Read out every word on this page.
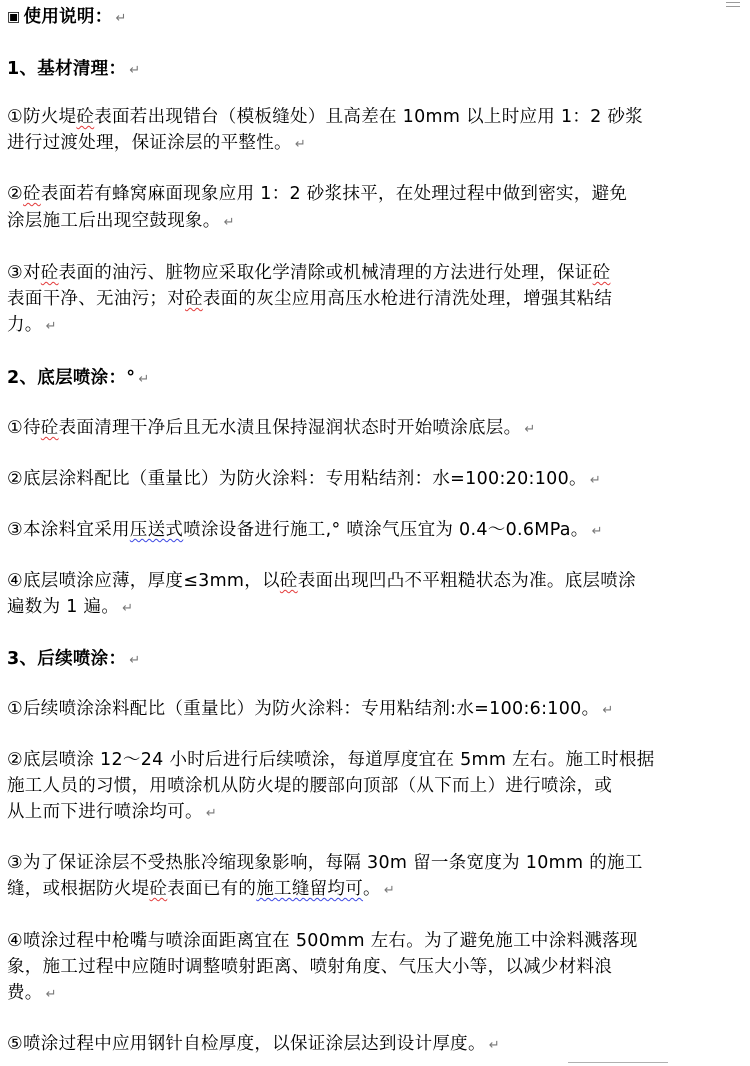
▣ 使用说明： ↵
1、基材清理： ↵
①防火堤砼表面若出现错台（模板缝处）且高差在 10mm 以上时应用 1：2 砂浆
进行过渡处理，保证涂层的平整性。 ↵
②砼表面若有蜂窝麻面现象应用 1：2 砂浆抹平，在处理过程中做到密实，避免
涂层施工后出现空鼓现象。 ↵
③对砼表面的油污、脏物应采取化学清除或机械清理的方法进行处理，保证砼
表面干净、无油污；对砼表面的灰尘应用高压水枪进行清洗处理，增强其粘结
力。 ↵
2、底层喷涂：° ↵
①待砼表面清理干净后且无水渍且保持湿润状态时开始喷涂底层。 ↵
②底层涂料配比（重量比）为防火涂料：专用粘结剂：水=100:20:100。 ↵
③本涂料宜采用压送式喷涂设备进行施工,° 喷涂气压宜为 0.4～0.6MPa。 ↵
④底层喷涂应薄，厚度≤3mm，以砼表面出现凹凸不平粗糙状态为准。底层喷涂
遍数为 1 遍。 ↵
3、后续喷涂： ↵
①后续喷涂涂料配比（重量比）为防火涂料：专用粘结剂:水=100:6:100。 ↵
②底层喷涂 12～24 小时后进行后续喷涂，每道厚度宜在 5mm 左右。施工时根据
施工人员的习惯，用喷涂机从防火堤的腰部向顶部（从下而上）进行喷涂，或
从上而下进行喷涂均可。 ↵
③为了保证涂层不受热胀冷缩现象影响，每隔 30m 留一条宽度为 10mm 的施工
缝，或根据防火堤砼表面已有的施工缝留均可。 ↵
④喷涂过程中枪嘴与喷涂面距离宜在 500mm 左右。为了避免施工中涂料溅落现
象，施工过程中应随时调整喷射距离、喷射角度、气压大小等，以减少材料浪
费。 ↵
⑤喷涂过程中应用钢针自检厚度，以保证涂层达到设计厚度。 ↵
